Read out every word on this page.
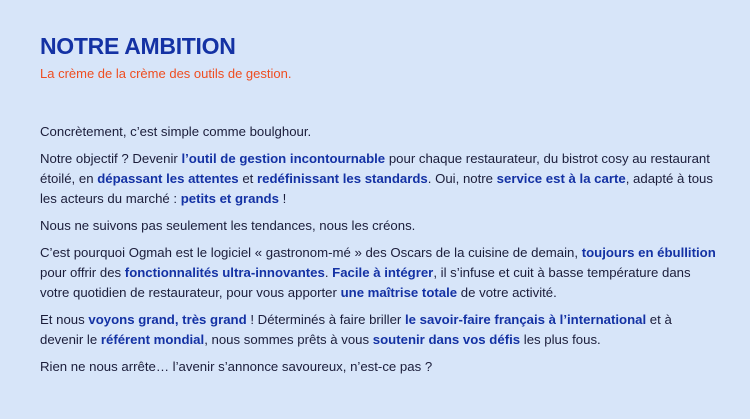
NOTRE AMBITION
La crème de la crème des outils de gestion.

Concrètement, c’est simple comme boulghour.

Notre objectif ? Devenir l’outil de gestion incontournable pour chaque restaurateur, du bistrot cosy au restaurant étoilé, en dépassant les attentes et redéfinissant les standards. Oui, notre service est à la carte, adapté à tous les acteurs du marché : petits et grands !

Nous ne suivons pas seulement les tendances, nous les créons.

C’est pourquoi Ogmah est le logiciel « gastronom-mé » des Oscars de la cuisine de demain, toujours en ébullition pour offrir des fonctionnalités ultra-innovantes. Facile à intégrer, il s’infuse et cuit à basse température dans votre quotidien de restaurateur, pour vous apporter une maîtrise totale de votre activité.

Et nous voyons grand, très grand ! Déterminés à faire briller le savoir-faire français à l’international et à devenir le référent mondial, nous sommes prêts à vous soutenir dans vos défis les plus fous.

Rien ne nous arrête… l’avenir s’annonce savoureux, n’est-ce pas ?
